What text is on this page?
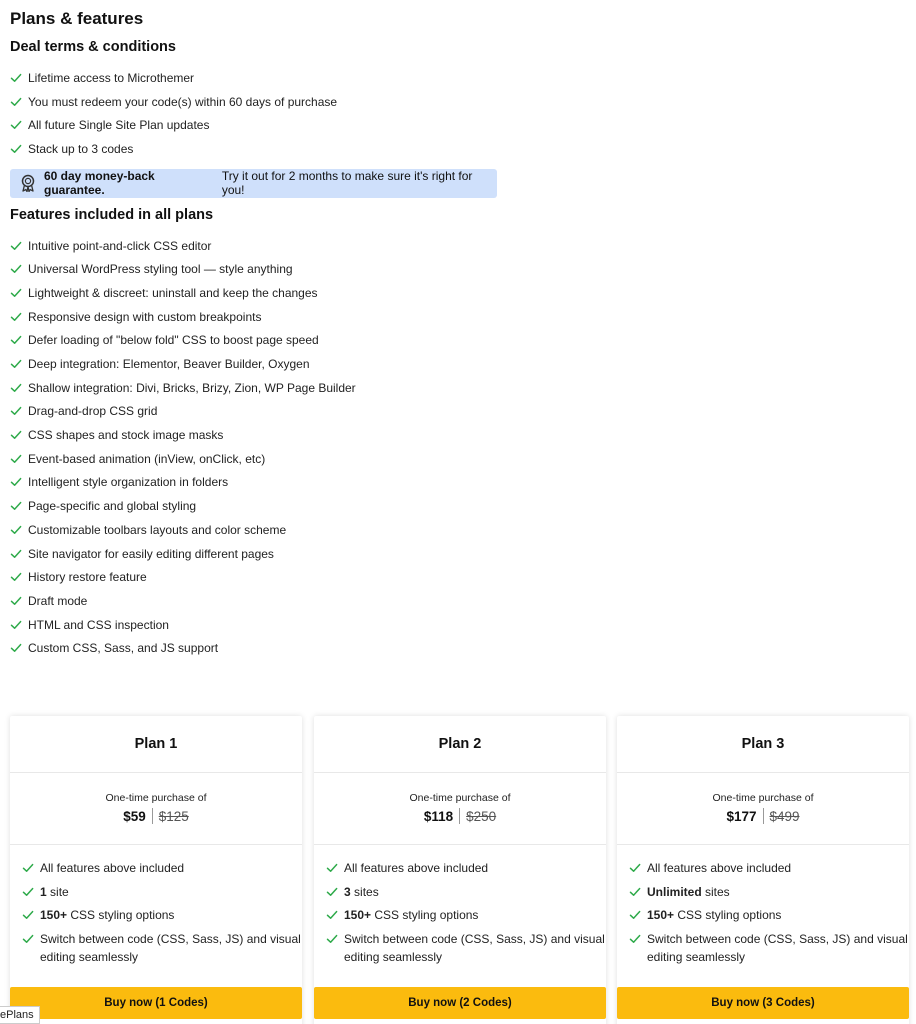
Plans & features
Deal terms & conditions
Lifetime access to Microthemer
You must redeem your code(s) within 60 days of purchase
All future Single Site Plan updates
Stack up to 3 codes
60 day money-back guarantee.
Try it out for 2 months to make sure it's right for you!
Features included in all plans
Intuitive point-and-click CSS editor
Universal WordPress styling tool — style anything
Lightweight & discreet: uninstall and keep the changes
Responsive design with custom breakpoints
Defer loading of "below fold" CSS to boost page speed
Deep integration: Elementor, Beaver Builder, Oxygen
Shallow integration: Divi, Bricks, Brizy, Zion, WP Page Builder
Drag-and-drop CSS grid
CSS shapes and stock image masks
Event-based animation (inView, onClick, etc)
Intelligent style organization in folders
Page-specific and global styling
Customizable toolbars layouts and color scheme
Site navigator for easily editing different pages
History restore feature
Draft mode
HTML and CSS inspection
Custom CSS, Sass, and JS support
Plan 1
One-time purchase of
$59 $125
All features above included
1 site
150+ CSS styling options
Switch between code (CSS, Sass, JS) and visual editing seamlessly
Buy now (1 Codes)
Plan 2
One-time purchase of
$118 $250
All features above included
3 sites
150+ CSS styling options
Switch between code (CSS, Sass, JS) and visual editing seamlessly
Buy now (2 Codes)
Plan 3
One-time purchase of
$177 $499
All features above included
Unlimited sites
150+ CSS styling options
Switch between code (CSS, Sass, JS) and visual editing seamlessly
Buy now (3 Codes)
ePlans
